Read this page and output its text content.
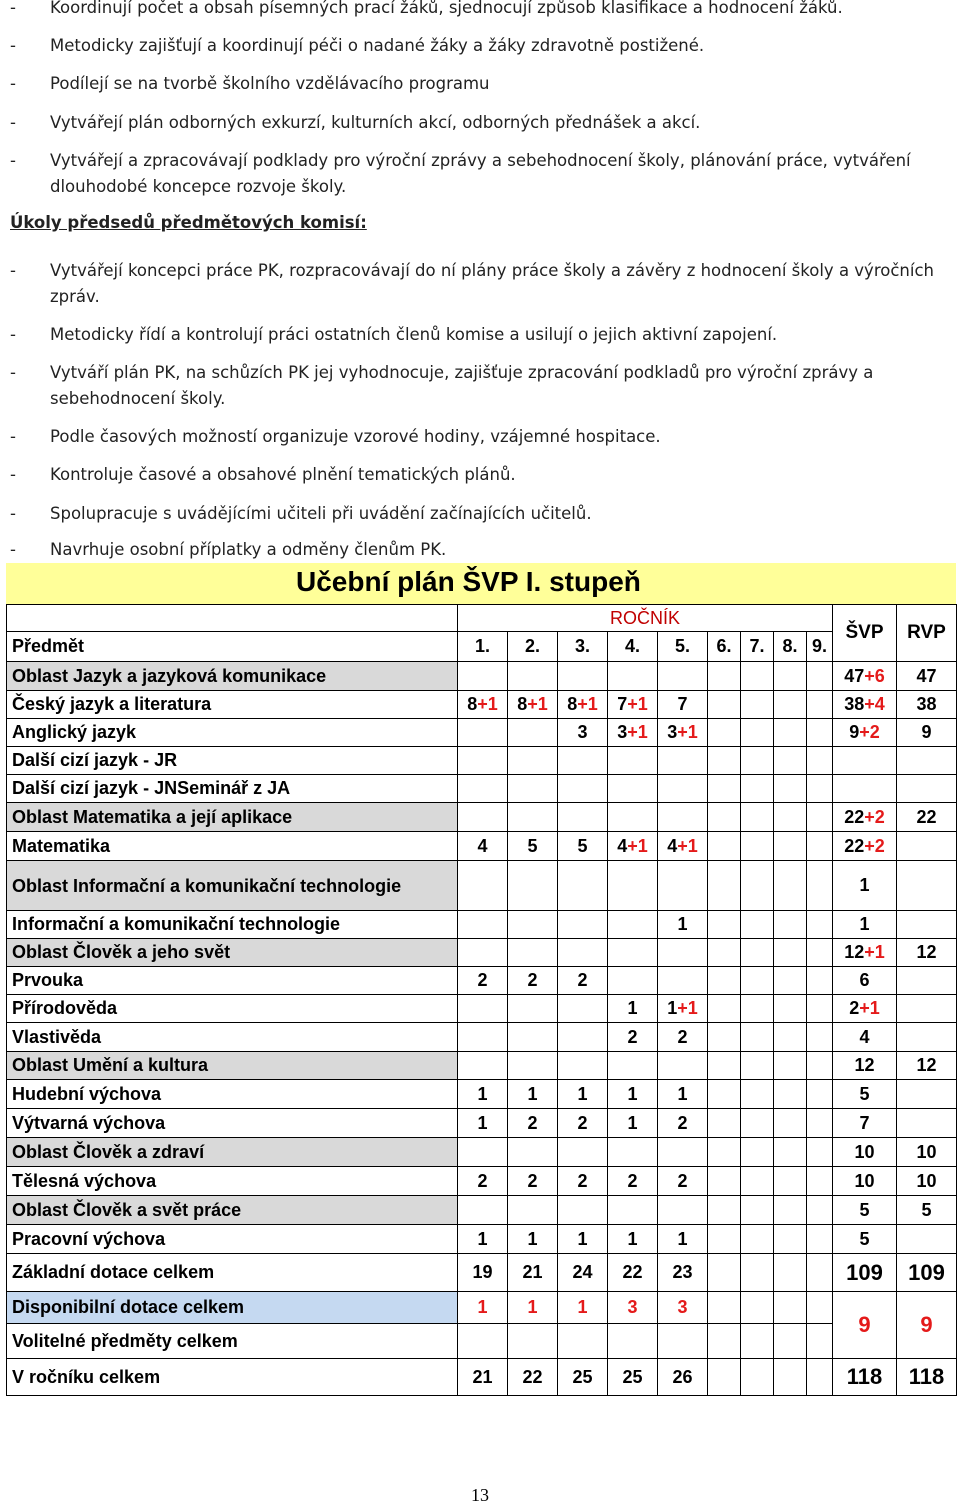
- Koordinují počet a obsah písemných prací žáků, sjednocují způsob klasifikace a hodnocení žáků.
- Metodicky zajišťují a koordinují péči o nadané žáky a žáky zdravotně postižené.
- Podílejí se na tvorbě školního vzdělávacího programu
- Vytvářejí plán odborných exkurzí, kulturních akcí, odborných přednášek a akcí.
- Vytvářejí a zpracovávají podklady pro výroční zprávy a sebehodnocení školy, plánování práce, vytváření dlouhodobé koncepce rozvoje školy.
Úkoly předsedů předmětových komisí:
- Vytvářejí koncepci práce PK, rozpracovávají do ní plány práce školy a závěry z hodnocení školy a výročních zpráv.
- Metodicky řídí a kontrolují práci ostatních členů komise a usilují o jejich aktivní zapojení.
- Vytváří plán PK, na schůzích PK jej vyhodnocuje, zajišťuje zpracování podkladů pro výroční zprávy a sebehodnocení školy.
- Podle časových možností organizuje vzorové hodiny, vzájemné hospitace.
- Kontroluje časové a obsahové plnění tematických plánů.
- Spolupracuje s uvádějícími učiteli při uvádění začínajících učitelů.
- Navrhuje osobní příplatky a odměny členům PK.
Učební plán ŠVP I. stupeň
	ROČNÍK									ŠVP	RVP
Předmět	1.	2.	3.	4.	5.	6.	7.	8.	9.		
Oblast Jazyk a jazyková komunikace										47+6	47
Český jazyk a literatura	8+1	8+1	8+1	7+1	7					38+4	38
Anglický jazyk			3	3+1	3+1					9+2	9
Další cizí jazyk - JR											
Další cizí jazyk - JNSeminář z JA											
Oblast Matematika a její aplikace										22+2	22
Matematika	4	5	5	4+1	4+1					22+2	
Oblast Informační a komunikační technologie										1	
Informační a komunikační technologie					1					1	
Oblast Člověk a jeho svět										12+1	12
Prvouka	2	2	2							6	
Přírodověda				1	1+1					2+1	
Vlastivěda				2	2					4	
Oblast Umění a kultura										12	12
Hudební výchova	1	1	1	1	1					5	
Výtvarná výchova	1	2	2	1	2					7	
Oblast Člověk a zdraví										10	10
Tělesná výchova	2	2	2	2	2					10	10
Oblast Člověk a svět práce										5	5
Pracovní výchova	1	1	1	1	1					5	
Základní dotace celkem	19	21	24	22	23					109	109
Disponibilní dotace celkem	1	1	1	3	3					9	9
Volitelné předměty celkem											
V ročníku celkem	21	22	25	25	26					118	118
13
